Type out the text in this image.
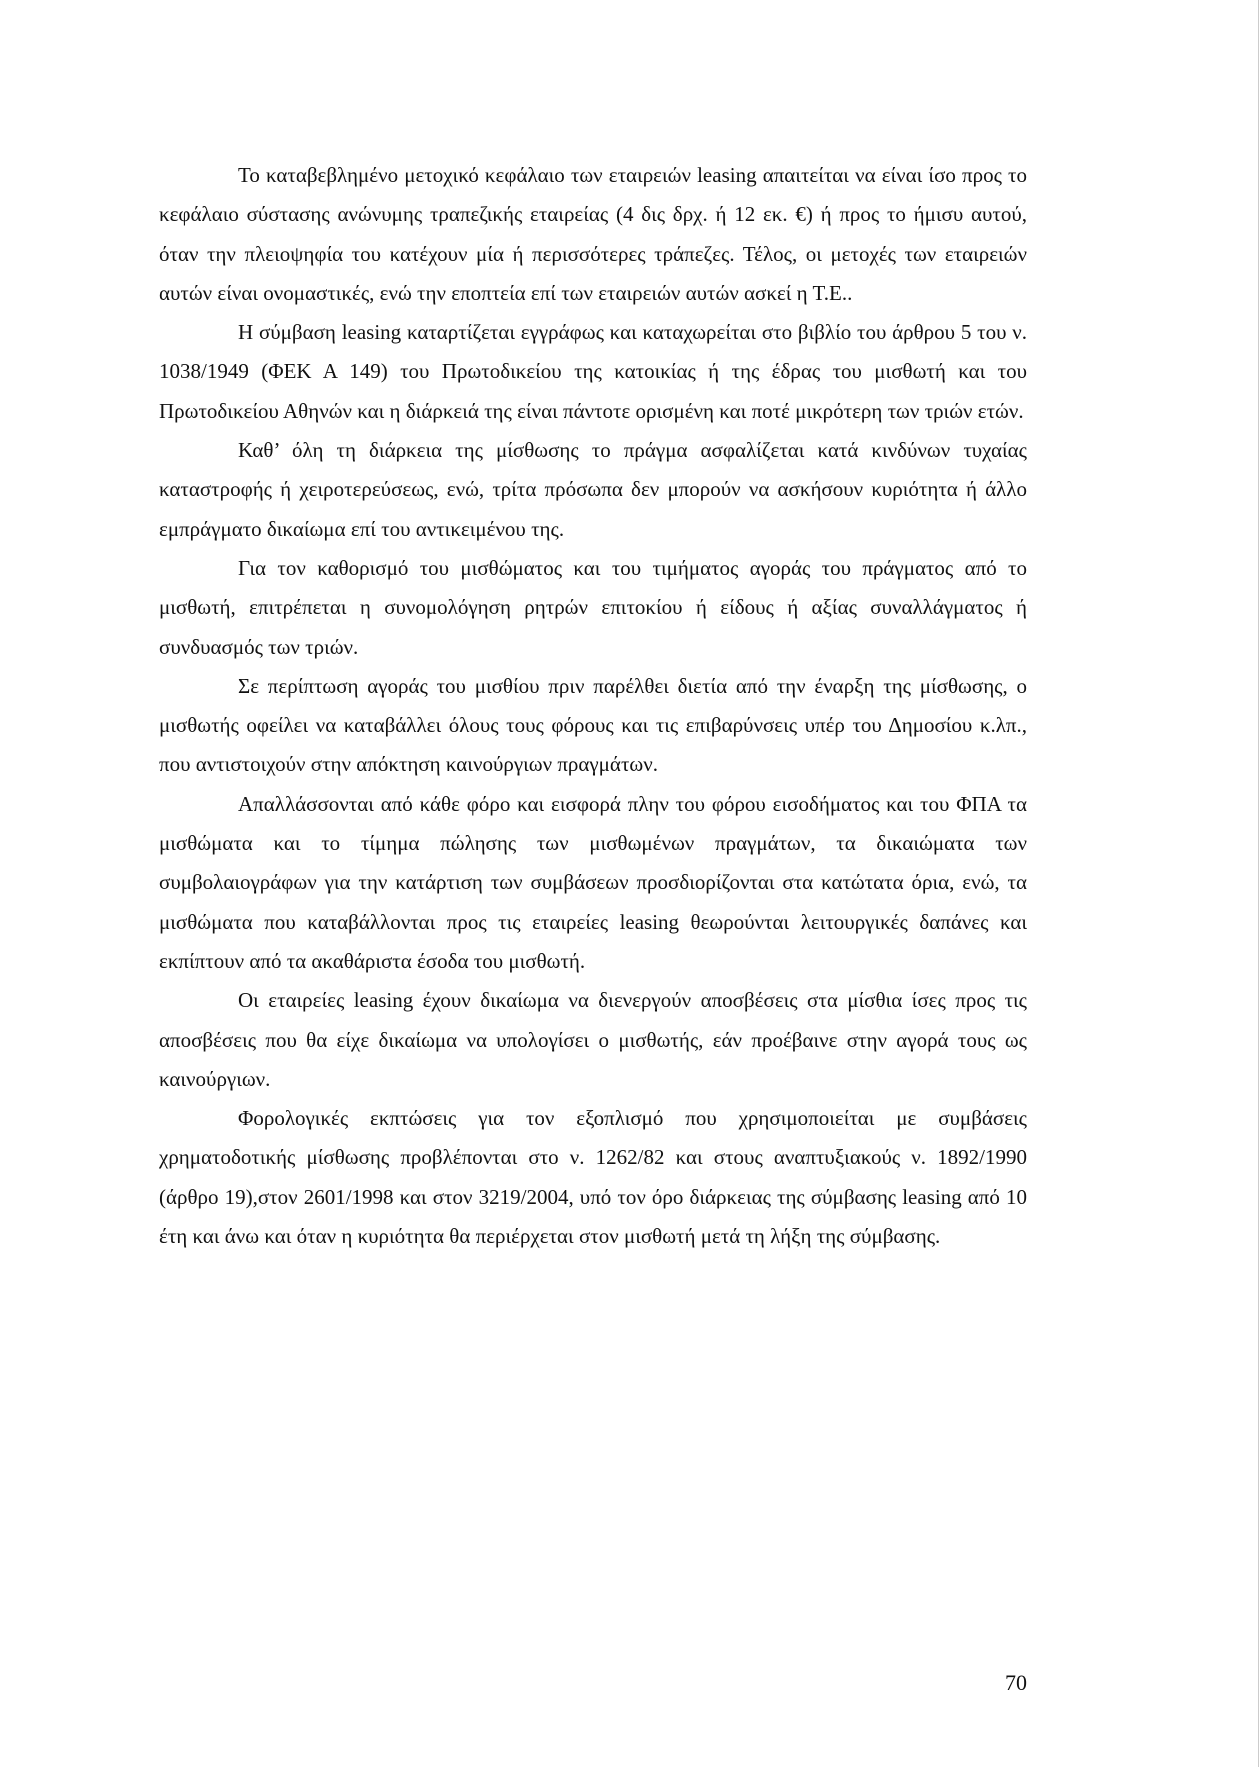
Το καταβεβλημένο μετοχικό κεφάλαιο των εταιρειών leasing απαιτείται να είναι ίσο προς το κεφάλαιο σύστασης ανώνυμης τραπεζικής εταιρείας (4 δις δρχ. ή 12 εκ. €) ή προς το ήμισυ αυτού, όταν την πλειοψηφία του κατέχουν μία ή περισσότερες τράπεζες. Τέλος, οι μετοχές των εταιρειών αυτών είναι ονομαστικές, ενώ την εποπτεία επί των εταιρειών αυτών ασκεί η Τ.Ε..

Η σύμβαση leasing καταρτίζεται εγγράφως και καταχωρείται στο βιβλίο του άρθρου 5 του ν. 1038/1949 (ΦΕΚ Α 149) του Πρωτοδικείου της κατοικίας ή της έδρας του μισθωτή και του Πρωτοδικείου Αθηνών και η διάρκειά της είναι πάντοτε ορισμένη και ποτέ μικρότερη των τριών ετών.

Καθ’ όλη τη διάρκεια της μίσθωσης το πράγμα ασφαλίζεται κατά κινδύνων τυχαίας καταστροφής ή χειροτερεύσεως, ενώ, τρίτα πρόσωπα δεν μπορούν να ασκήσουν κυριότητα ή άλλο εμπράγματο δικαίωμα επί του αντικειμένου της.

Για τον καθορισμό του μισθώματος και του τιμήματος αγοράς του πράγματος από το μισθωτή, επιτρέπεται η συνομολόγηση ρητρών επιτοκίου ή είδους ή αξίας συναλλάγματος ή συνδυασμός των τριών.

Σε περίπτωση αγοράς του μισθίου πριν παρέλθει διετία από την έναρξη της μίσθωσης, ο μισθωτής οφείλει να καταβάλλει όλους τους φόρους και τις επιβαρύνσεις υπέρ του Δημοσίου κ.λπ., που αντιστοιχούν στην απόκτηση καινούργιων πραγμάτων.

Απαλλάσσονται από κάθε φόρο και εισφορά πλην του φόρου εισοδήματος και του ΦΠΑ τα μισθώματα και το τίμημα πώλησης των μισθωμένων πραγμάτων, τα δικαιώματα των συμβολαιογράφων για την κατάρτιση των συμβάσεων προσδιορίζονται στα κατώτατα όρια, ενώ, τα μισθώματα που καταβάλλονται προς τις εταιρείες leasing θεωρούνται λειτουργικές δαπάνες και εκπίπτουν από τα ακαθάριστα έσοδα του μισθωτή.

Οι εταιρείες leasing έχουν δικαίωμα να διενεργούν αποσβέσεις στα μίσθια ίσες προς τις αποσβέσεις που θα είχε δικαίωμα να υπολογίσει ο μισθωτής, εάν προέβαινε στην αγορά τους ως καινούργιων.

Φορολογικές εκπτώσεις για τον εξοπλισμό που χρησιμοποιείται με συμβάσεις χρηματοδοτικής μίσθωσης προβλέπονται στο ν. 1262/82 και στους αναπτυξιακούς ν. 1892/1990 (άρθρο 19),στον 2601/1998 και στον 3219/2004, υπό τον όρο διάρκειας της σύμβασης leasing από 10 έτη και άνω και όταν η κυριότητα θα περιέρχεται στον μισθωτή μετά τη λήξη της σύμβασης.

70
